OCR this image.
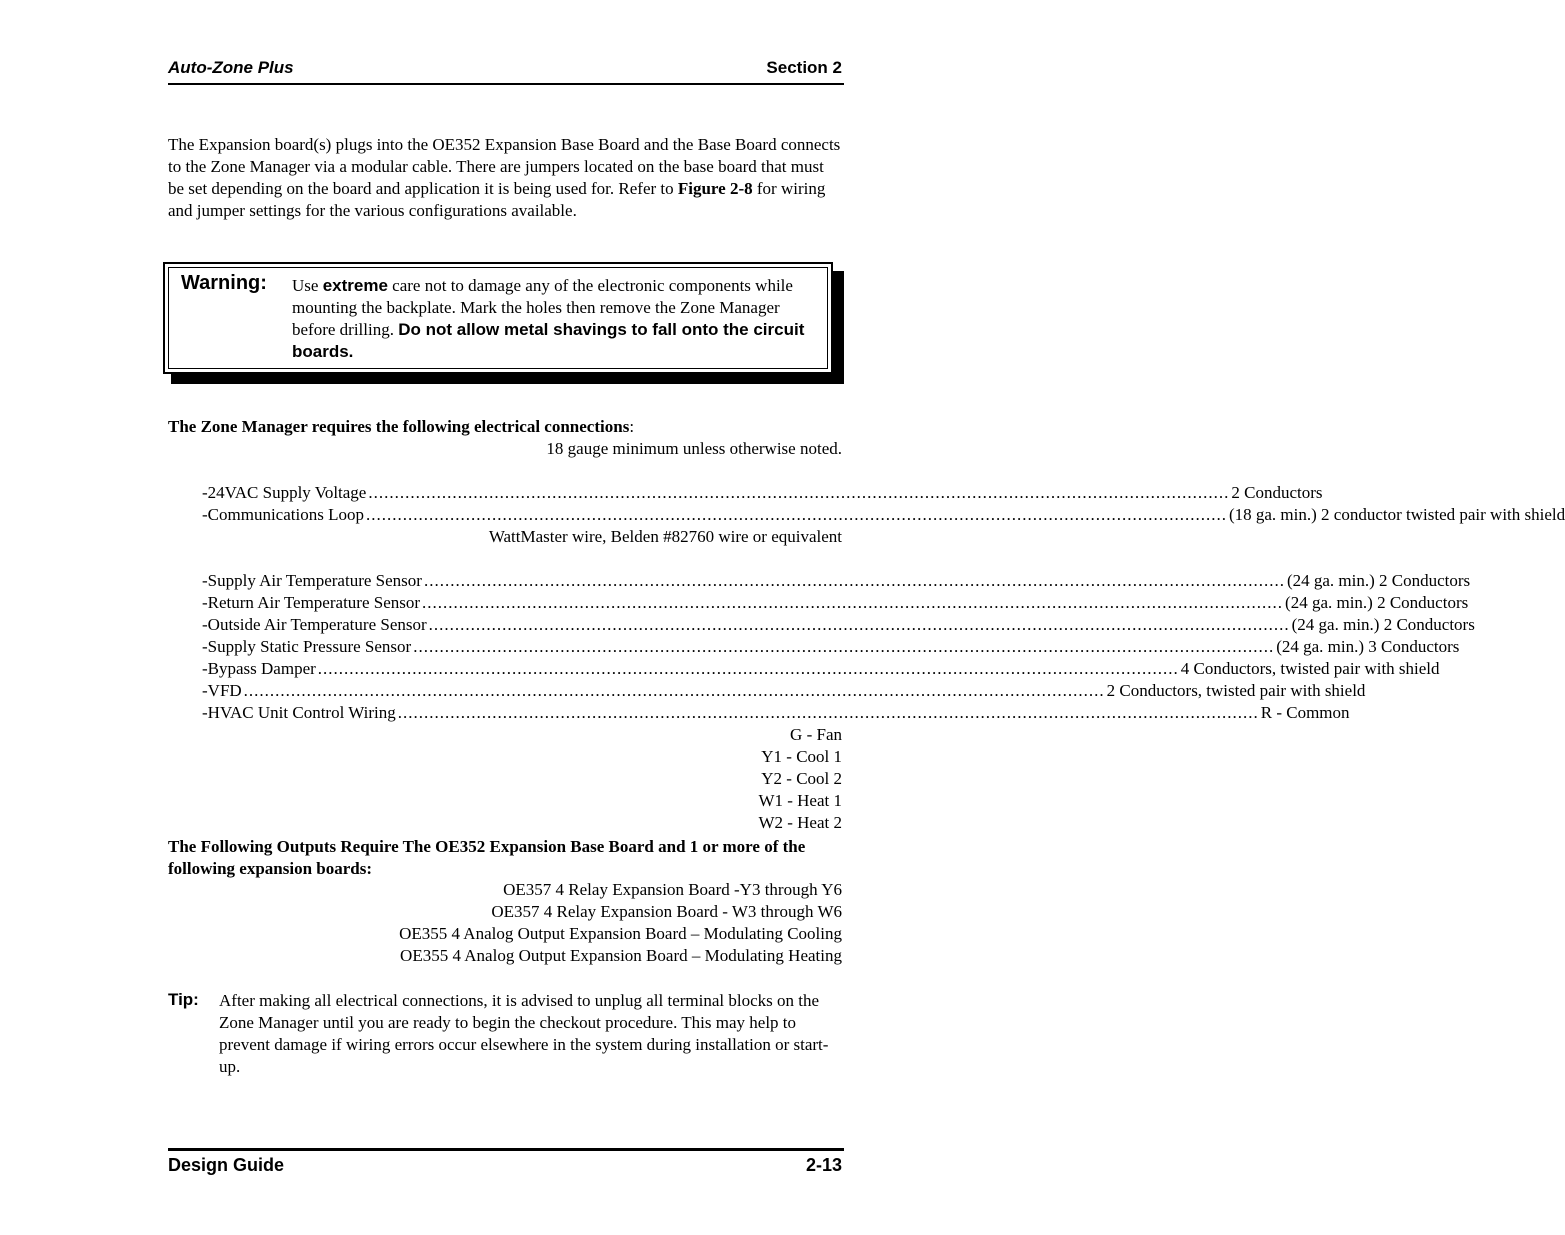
Auto-Zone Plus	Section 2
The Expansion board(s) plugs into the OE352 Expansion Base Board and the Base Board connects to the Zone Manager via a modular cable. There are jumpers located on the base board that must be set depending on the board and application it is being used for. Refer to Figure 2-8 for wiring and jumper settings for the various configurations available.
Warning: Use extreme care not to damage any of the electronic components while mounting the backplate. Mark the holes then remove the Zone Manager before drilling. Do not allow metal shavings to fall onto the circuit boards.
The Zone Manager requires the following electrical connections:
18 gauge minimum unless otherwise noted.
-24VAC Supply Voltage .................................................................................................................................................................... 2 Conductors
-Communications Loop .................................................................................................................................................................... (18 ga. min.) 2 conductor twisted pair with shield
WattMaster wire, Belden #82760 wire or equivalent
-Supply Air Temperature Sensor .................................................................................................................................................................... (24 ga. min.) 2 Conductors
-Return Air Temperature Sensor .................................................................................................................................................................... (24 ga. min.) 2 Conductors
-Outside Air Temperature Sensor .................................................................................................................................................................... (24 ga. min.) 2 Conductors
-Supply Static Pressure Sensor .................................................................................................................................................................... (24 ga. min.) 3 Conductors
-Bypass Damper .................................................................................................................................................................... 4 Conductors, twisted pair with shield
-VFD .................................................................................................................................................................... 2 Conductors, twisted pair with shield
-HVAC Unit Control Wiring .................................................................................................................................................................... R - Common
G - Fan
Y1 - Cool 1
Y2 - Cool 2
W1 - Heat 1
W2 - Heat 2
The Following Outputs Require The OE352 Expansion Base Board and 1 or more of the following expansion boards:
OE357 4 Relay Expansion Board -Y3 through Y6
OE357 4 Relay Expansion Board - W3 through W6
OE355 4 Analog Output Expansion Board – Modulating Cooling
OE355 4 Analog Output Expansion Board – Modulating Heating
Tip: After making all electrical connections, it is advised to unplug all terminal blocks on the Zone Manager until you are ready to begin the checkout procedure. This may help to prevent damage if wiring errors occur elsewhere in the system during installation or start-up.
Design Guide	2-13
